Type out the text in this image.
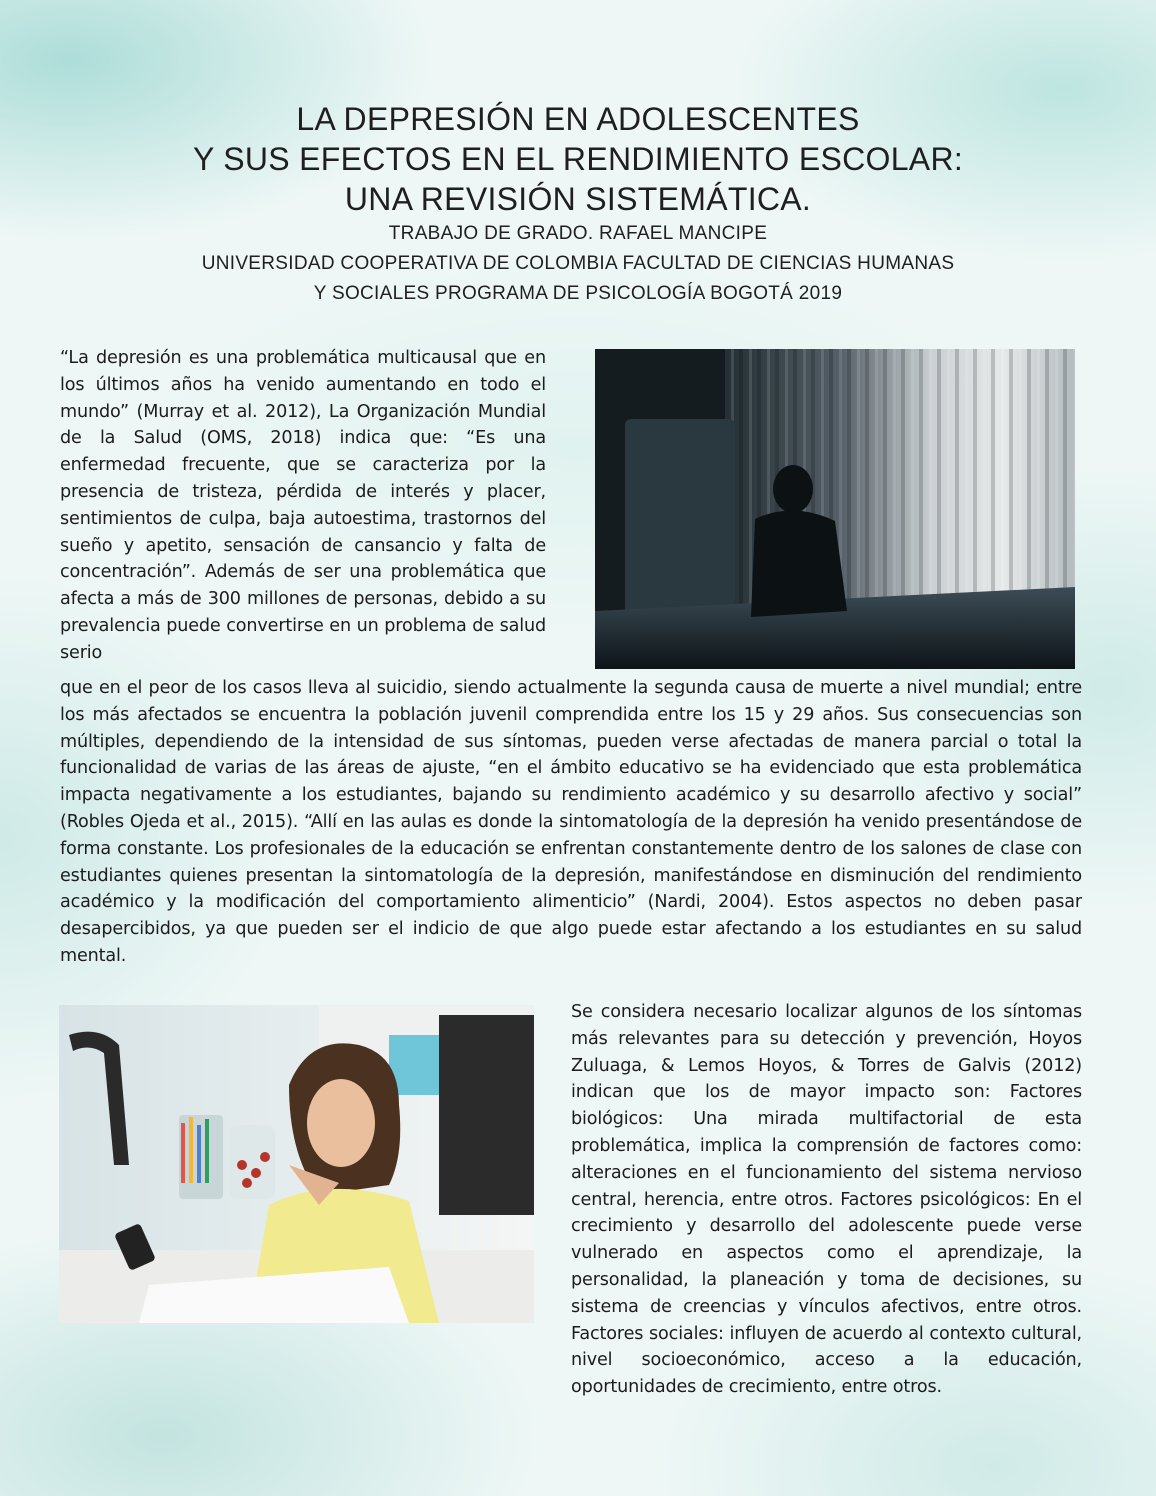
LA DEPRESIÓN EN ADOLESCENTES
Y SUS EFECTOS EN EL RENDIMIENTO ESCOLAR:
UNA REVISIÓN SISTEMÁTICA.
TRABAJO DE GRADO. RAFAEL MANCIPE
UNIVERSIDAD COOPERATIVA DE COLOMBIA FACULTAD DE CIENCIAS HUMANAS
Y SOCIALES PROGRAMA DE PSICOLOGÍA BOGOTÁ 2019

“La depresión es una problemática multicausal que en los últimos años ha venido aumentando en todo el mundo” (Murray et al. 2012), La Organización Mundial de la Salud (OMS, 2018) indica que: “Es una enfermedad frecuente, que se caracteriza por la presencia de tristeza, pérdida de interés y placer, sentimientos de culpa, baja autoestima, trastornos del sueño y apetito, sensación de cansancio y falta de concentración”. Además de ser una problemática que afecta a más de 300 millones de personas, debido a su prevalencia puede convertirse en un problema de salud serio

que en el peor de los casos lleva al suicidio, siendo actualmente la segunda causa de muerte a nivel mundial; entre los más afectados se encuentra la población juvenil comprendida entre los 15 y 29 años. Sus consecuencias son múltiples, dependiendo de la intensidad de sus síntomas, pueden verse afectadas de manera parcial o total la funcionalidad de varias de las áreas de ajuste, “en el ámbito educativo se ha evidenciado que esta problemática impacta negativamente a los estudiantes, bajando su rendimiento académico y su desarrollo afectivo y social” (Robles Ojeda et al., 2015). “Allí en las aulas es donde la sintomatología de la depresión ha venido presentándose de forma constante. Los profesionales de la educación se enfrentan constantemente dentro de los salones de clase con estudiantes quienes presentan la sintomatología de la depresión, manifestándose en disminución del rendimiento académico y la modificación del comportamiento alimenticio” (Nardi, 2004). Estos aspectos no deben pasar desapercibidos, ya que pueden ser el indicio de que algo puede estar afectando a los estudiantes en su salud mental.

Se considera necesario localizar algunos de los síntomas más relevantes para su detección y prevención, Hoyos Zuluaga, & Lemos Hoyos, & Torres de Galvis (2012) indican que los de mayor impacto son: Factores biológicos: Una mirada multifactorial de esta problemática, implica la comprensión de factores como: alteraciones en el funcionamiento del sistema nervioso central, herencia, entre otros. Factores psicológicos: En el crecimiento y desarrollo del adolescente puede verse vulnerado en aspectos como el aprendizaje, la personalidad, la planeación y toma de decisiones, su sistema de creencias y vínculos afectivos, entre otros. Factores sociales: influyen de acuerdo al contexto cultural, nivel socioeconómico, acceso a la educación, oportunidades de crecimiento, entre otros.
